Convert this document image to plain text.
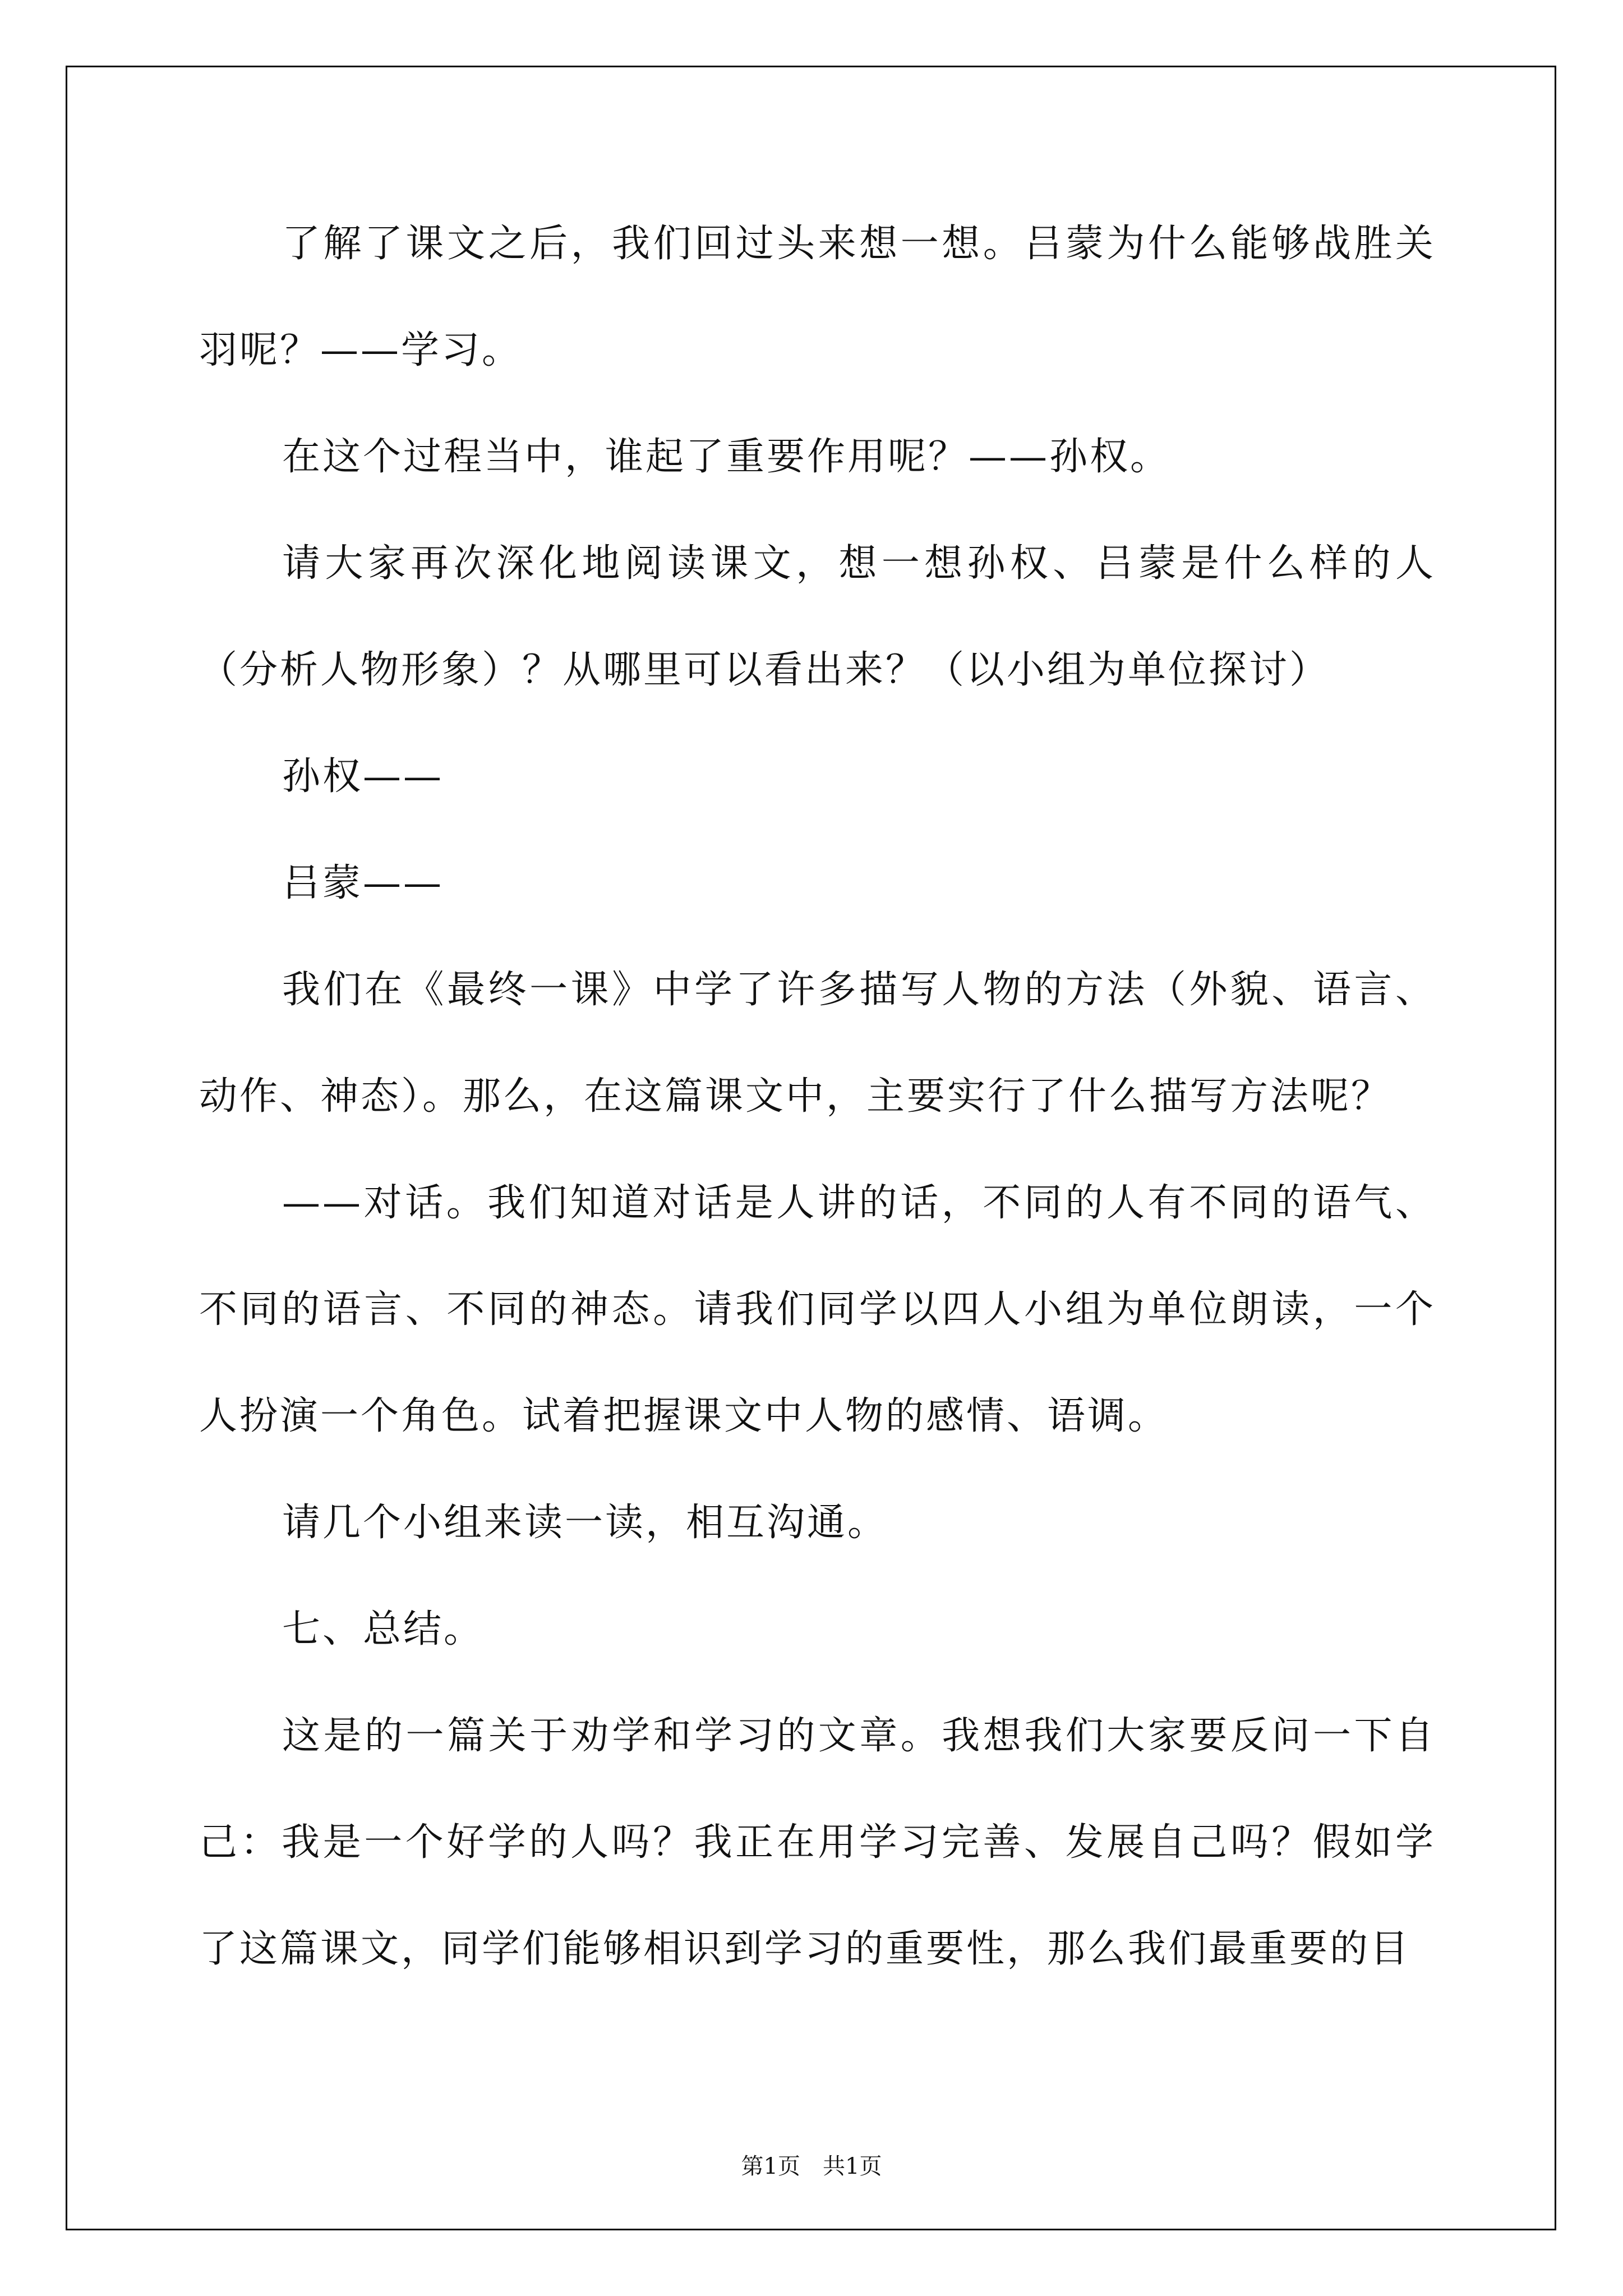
了解了课文之后，我们回过头来想一想。吕蒙为什么能够战胜关羽呢？——学习。

在这个过程当中，谁起了重要作用呢？——孙权。

请大家再次深化地阅读课文，想一想孙权、吕蒙是什么样的人（分析人物形象）？从哪里可以看出来？（以小组为单位探讨）

孙权——

吕蒙——

我们在《最终一课》中学了许多描写人物的方法（外貌、语言、动作、神态）。那么，在这篇课文中，主要实行了什么描写方法呢？

——对话。我们知道对话是人讲的话，不同的人有不同的语气、不同的语言、不同的神态。请我们同学以四人小组为单位朗读，一个人扮演一个角色。试着把握课文中人物的感情、语调。

请几个小组来读一读，相互沟通。

七、总结。

这是的一篇关于劝学和学习的文章。我想我们大家要反问一下自己：我是一个好学的人吗？我正在用学习完善、发展自己吗？假如学了这篇课文，同学们能够相识到学习的重要性，那么我们最重要的目

第1页　共1页
